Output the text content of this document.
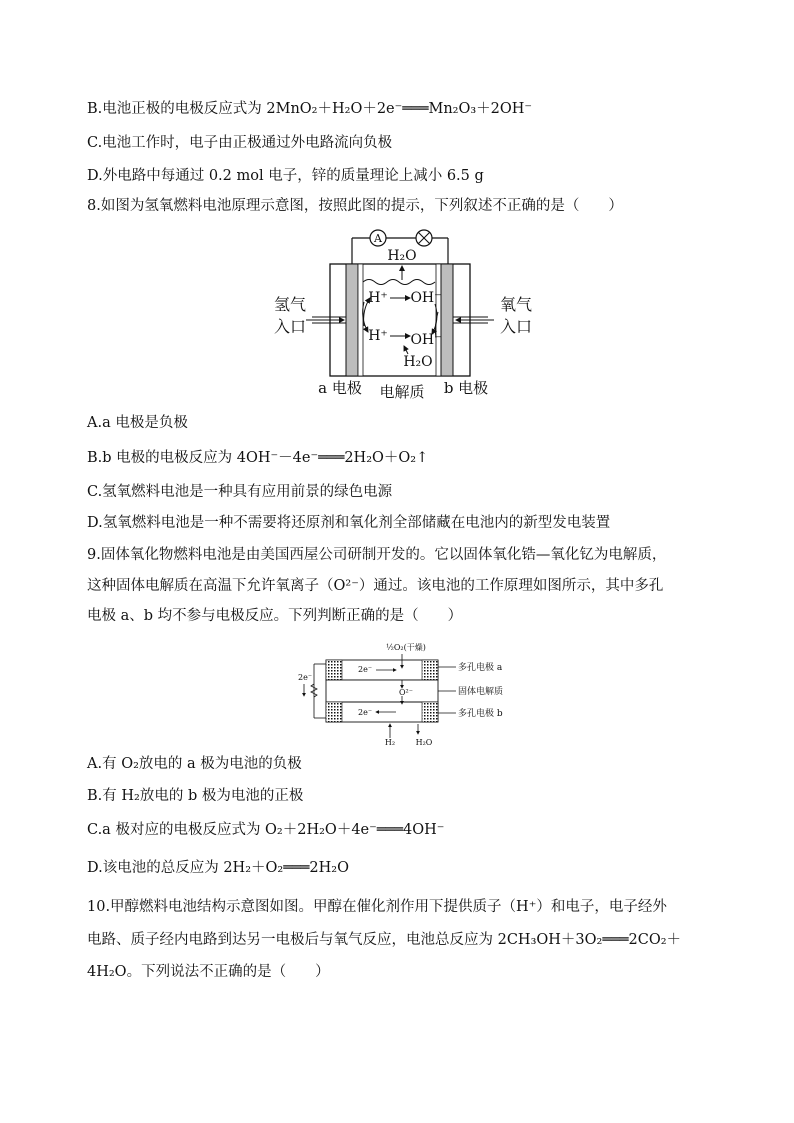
B.电池正极的电极反应式为 2MnO₂＋H₂O＋2e⁻═══Mn₂O₃＋2OH⁻
C.电池工作时，电子由正极通过外电路流向负极
D.外电路中每通过 0.2 mol 电子，锌的质量理论上减小 6.5 g
8.如图为氢氧燃料电池原理示意图，按照此图的提示，下列叙述不正确的是（　　）
A
H₂O
氢气
入口
氧气
入口
H⁺ OH⁻
H⁺ OH⁻
H₂O
a 电极 电解质 b 电极
A.a 电极是负极
B.b 电极的电极反应为 4OH⁻－4e⁻═══2H₂O＋O₂↑
C.氢氧燃料电池是一种具有应用前景的绿色电源
D.氢氧燃料电池是一种不需要将还原剂和氧化剂全部储藏在电池内的新型发电装置
9.固体氧化物燃料电池是由美国西屋公司研制开发的。它以固体氧化锆—氧化钇为电解质，
这种固体电解质在高温下允许氧离子（O²⁻）通过。该电池的工作原理如图所示，其中多孔
电极 a、b 均不参与电极反应。下列判断正确的是（　　）
½O₂(干燥)
2e⁻
O²⁻
2e⁻
2e⁻
H₂	H₂O
多孔电极 a
固体电解质
多孔电极 b
A.有 O₂放电的 a 极为电池的负极
B.有 H₂放电的 b 极为电池的正极
C.a 极对应的电极反应式为 O₂＋2H₂O＋4e⁻═══4OH⁻
D.该电池的总反应为 2H₂＋O₂═══2H₂O
10.甲醇燃料电池结构示意图如图。甲醇在催化剂作用下提供质子（H⁺）和电子，电子经外
电路、质子经内电路到达另一电极后与氧气反应，电池总反应为 2CH₃OH＋3O₂═══2CO₂＋
4H₂O。下列说法不正确的是（　　）
